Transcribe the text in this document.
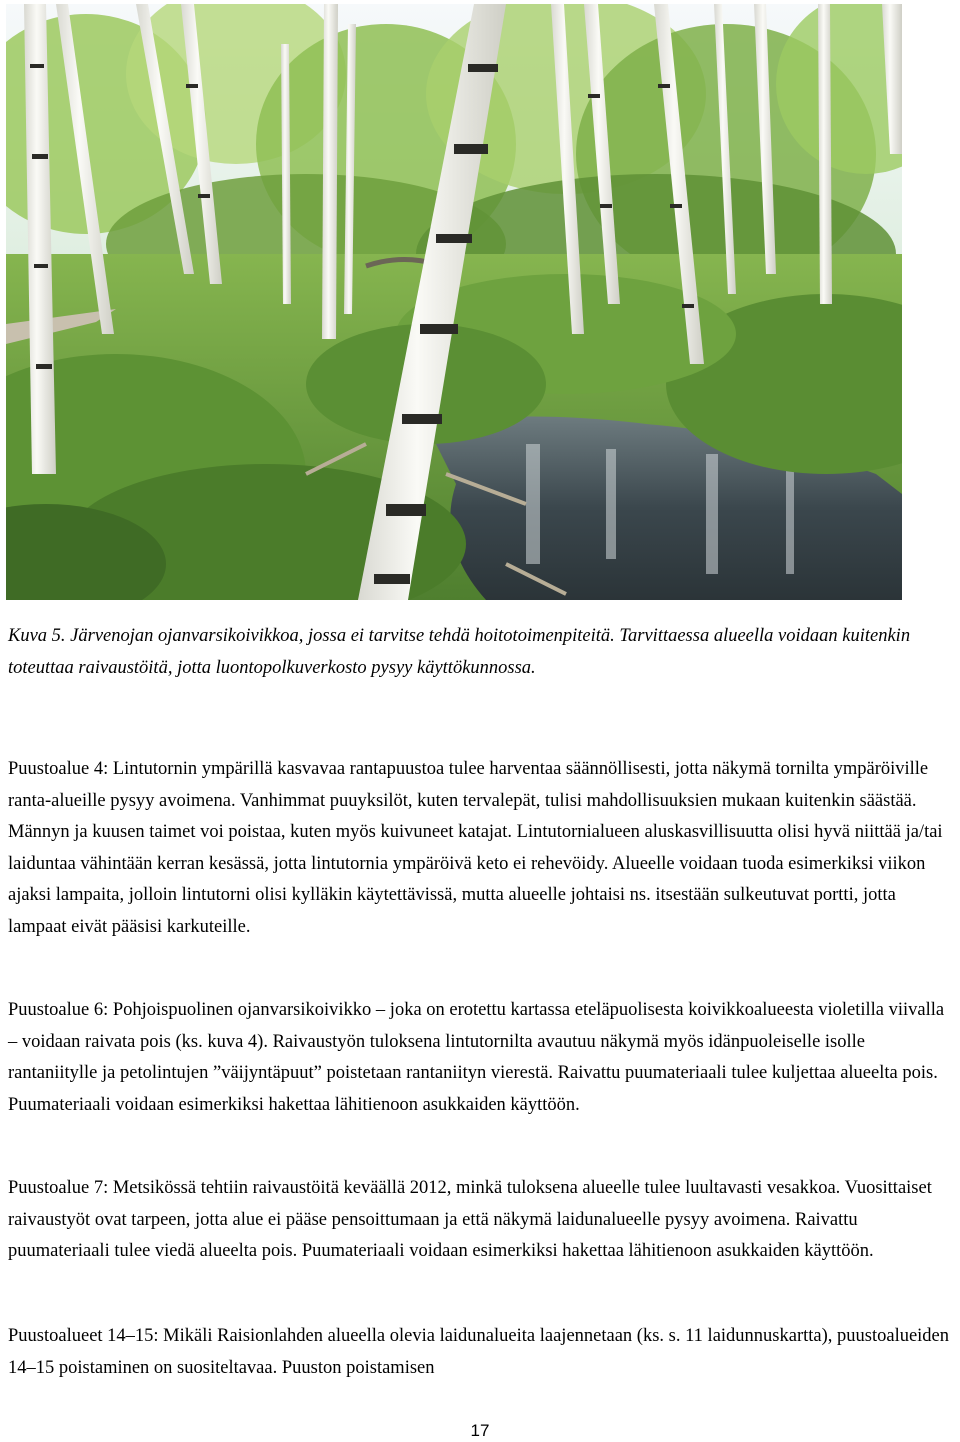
Kuva 5. Järvenojan ojanvarsikoivikkoa, jossa ei tarvitse tehdä hoitotoimenpiteitä. Tarvittaessa alueella voidaan kuitenkin toteuttaa raivaustöitä, jotta luontopolkuverkosto pysyy käyttökunnossa.

Puustoalue 4: Lintutornin ympärillä kasvavaa rantapuustoa tulee harventaa säännöllisesti, jotta näkymä tornilta ympäröiville ranta-alueille pysyy avoimena. Vanhimmat puuyksilöt, kuten tervalepät, tulisi mahdollisuuksien mukaan kuitenkin säästää. Männyn ja kuusen taimet voi poistaa, kuten myös kuivuneet katajat. Lintutornialueen aluskasvillisuutta olisi hyvä niittää ja/tai laiduntaa vähintään kerran kesässä, jotta lintutornia ympäröivä keto ei rehevöidy. Alueelle voidaan tuoda esimerkiksi viikon ajaksi lampaita, jolloin lintutorni olisi kylläkin käytettävissä, mutta alueelle johtaisi ns. itsestään sulkeutuvat portti, jotta lampaat eivät pääsisi karkuteille.

Puustoalue 6: Pohjoispuolinen ojanvarsikoivikko – joka on erotettu kartassa eteläpuolisesta koivikkoalueesta violetilla viivalla – voidaan raivata pois (ks. kuva 4). Raivaustyön tuloksena lintutornilta avautuu näkymä myös idänpuoleiselle isolle rantaniitylle ja petolintujen ”väijyntäpuut” poistetaan rantaniityn vierestä. Raivattu puumateriaali tulee kuljettaa alueelta pois. Puumateriaali voidaan esimerkiksi hakettaa lähitienoon asukkaiden käyttöön.

Puustoalue 7: Metsikössä tehtiin raivaustöitä keväällä 2012, minkä tuloksena alueelle tulee luultavasti vesakkoa. Vuosittaiset raivaustyöt ovat tarpeen, jotta alue ei pääse pensoittumaan ja että näkymä laidunalueelle pysyy avoimena. Raivattu puumateriaali tulee viedä alueelta pois. Puumateriaali voidaan esimerkiksi hakettaa lähitienoon asukkaiden käyttöön.

Puustoalueet 14–15: Mikäli Raisionlahden alueella olevia laidunalueita laajennetaan (ks. s. 11 laidunnuskartta), puustoalueiden 14–15 poistaminen on suositeltavaa. Puuston poistamisen

17
